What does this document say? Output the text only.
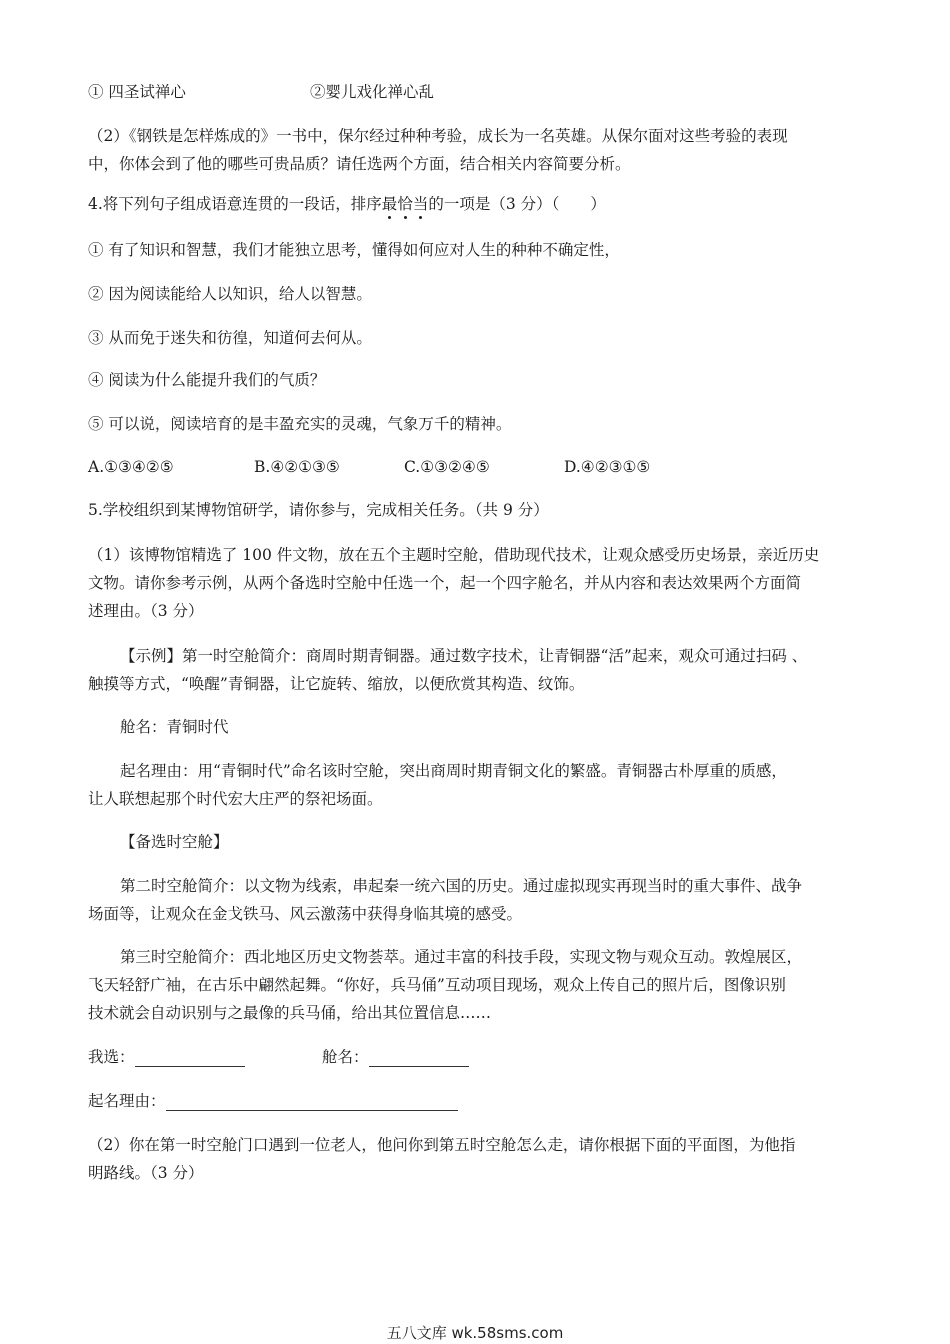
① 四圣试禅心	②婴儿戏化禅心乱
（2）《钢铁是怎样炼成的》一书中，保尔经过种种考验，成长为一名英雄。从保尔面对这些考验的表现
中，你体会到了他的哪些可贵品质？请任选两个方面，结合相关内容简要分析。
4.将下列句子组成语意连贯的一段话，排序最恰当的一项是（3 分）（　　）
① 有了知识和智慧，我们才能独立思考，懂得如何应对人生的种种不确定性，
② 因为阅读能给人以知识，给人以智慧。
③ 从而免于迷失和彷徨，知道何去何从。
④ 阅读为什么能提升我们的气质？
⑤ 可以说，阅读培育的是丰盈充实的灵魂，气象万千的精神。
A.①③④②⑤	B.④②①③⑤	C.①③②④⑤	D.④②③①⑤
5.学校组织到某博物馆研学，请你参与，完成相关任务。（共 9 分）
（1）该博物馆精选了 100 件文物，放在五个主题时空舱，借助现代技术，让观众感受历史场景，亲近历史
文物。请你参考示例，从两个备选时空舱中任选一个，起一个四字舱名，并从内容和表达效果两个方面简
述理由。（3 分）
【示例】第一时空舱简介：商周时期青铜器。通过数字技术，让青铜器“活”起来，观众可通过扫码 、
触摸等方式，“唤醒”青铜器，让它旋转、缩放，以便欣赏其构造、纹饰。
舱名：青铜时代
起名理由：用“青铜时代”命名该时空舱，突出商周时期青铜文化的繁盛。青铜器古朴厚重的质感，
让人联想起那个时代宏大庄严的祭祀场面。
【备选时空舱】
第二时空舱简介：以文物为线索，串起秦一统六国的历史。通过虚拟现实再现当时的重大事件、战争
场面等，让观众在金戈铁马、风云激荡中获得身临其境的感受。
第三时空舱简介：西北地区历史文物荟萃。通过丰富的科技手段，实现文物与观众互动。敦煌展区，
飞天轻舒广袖，在古乐中翩然起舞。“你好，兵马俑”互动项目现场，观众上传自己的照片后，图像识别
技术就会自动识别与之最像的兵马俑，给出其位置信息……
我选：	舱名：
起名理由：
（2）你在第一时空舱门口遇到一位老人，他问你到第五时空舱怎么走，请你根据下面的平面图，为他指
明路线。（3 分）
五八文库 wk.58sms.com
